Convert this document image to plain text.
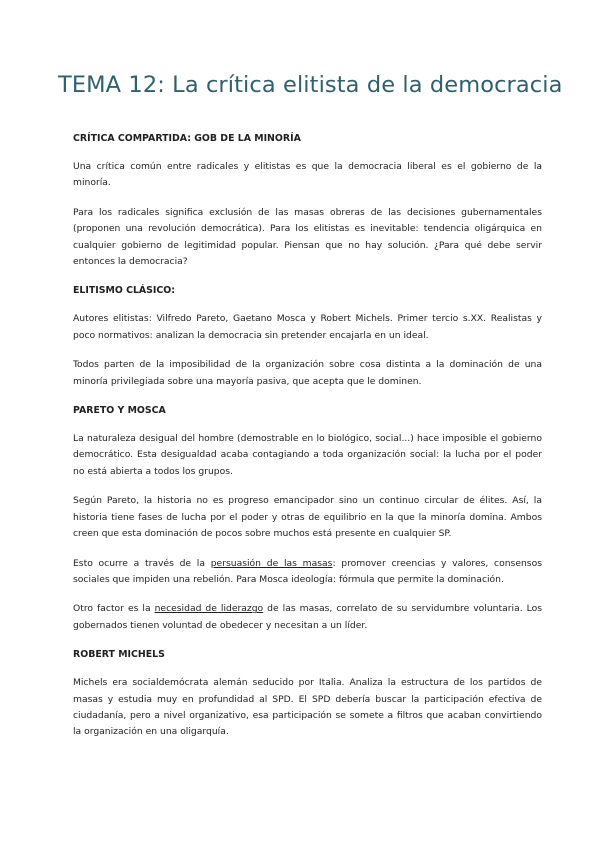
TEMA 12: La crítica elitista de la democracia
CRÍTICA COMPARTIDA: GOB DE LA MINORÍA

Una crítica común entre radicales y elitistas es que la democracia liberal es el gobierno de la minoría.

Para los radicales significa exclusión de las masas obreras de las decisiones gubernamentales (proponen una revolución democrática). Para los elitistas es inevitable: tendencia oligárquica en cualquier gobierno de legitimidad popular. Piensan que no hay solución. ¿Para qué debe servir entonces la democracia?

ELITISMO CLÁSICO:

Autores elitistas: Vilfredo Pareto, Gaetano Mosca y Robert Michels. Primer tercio s.XX. Realistas y poco normativos: analizan la democracia sin pretender encajarla en un ideal.

Todos parten de la imposibilidad de la organización sobre cosa distinta a la dominación de una minoría privilegiada sobre una mayoría pasiva, que acepta que le dominen.

PARETO Y MOSCA

La naturaleza desigual del hombre (demostrable en lo biológico, social...) hace imposible el gobierno democrático. Esta desigualdad acaba contagiando a toda organización social: la lucha por el poder no está abierta a todos los grupos.

Según Pareto, la historia no es progreso emancipador sino un continuo circular de élites. Así, la historia tiene fases de lucha por el poder y otras de equilibrio en la que la minoría domina. Ambos creen que esta dominación de pocos sobre muchos está presente en cualquier SP.

Esto ocurre a través de la persuasión de las masas: promover creencias y valores, consensos sociales que impiden una rebelión. Para Mosca ideología: fórmula que permite la dominación.

Otro factor es la necesidad de liderazgo de las masas, correlato de su servidumbre voluntaria. Los gobernados tienen voluntad de obedecer y necesitan a un líder.

ROBERT MICHELS

Michels era socialdemócrata alemán seducido por Italia. Analiza la estructura de los partidos de masas y estudia muy en profundidad al SPD. El SPD debería buscar la participación efectiva de ciudadanía, pero a nivel organizativo, esa participación se somete a filtros que acaban convirtiendo la organización en una oligarquía.
